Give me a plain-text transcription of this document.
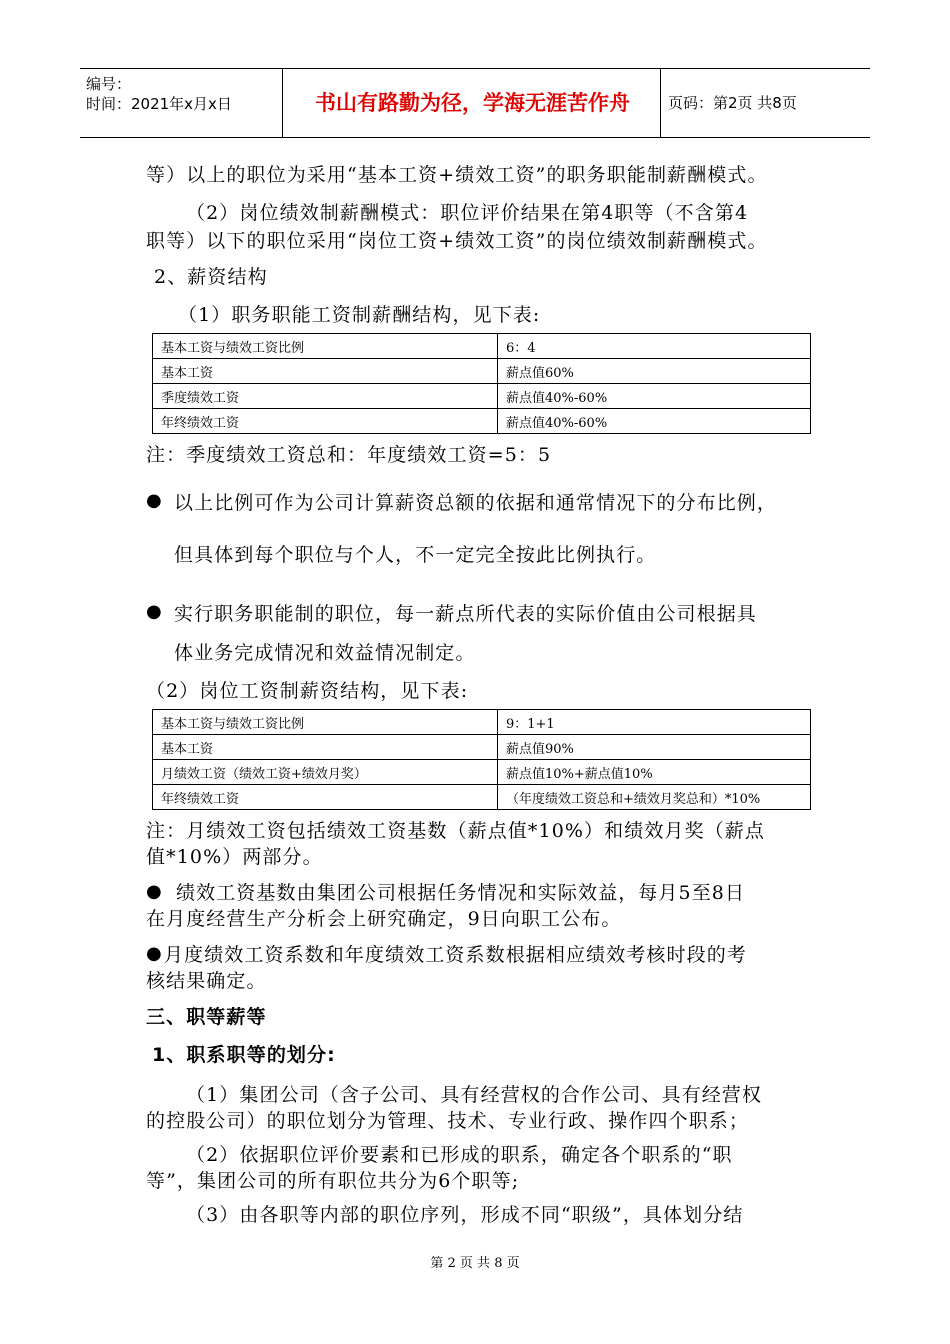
编号：
时间：2021年x月x日	书山有路勤为径，学海无涯苦作舟	页码：第2页 共8页
等）以上的职位为采用“基本工资+绩效工资”的职务职能制薪酬模式。
（2）岗位绩效制薪酬模式：职位评价结果在第4职等（不含第4
职等）以下的职位采用“岗位工资+绩效工资”的岗位绩效制薪酬模式。
2、薪资结构
（1）职务职能工资制薪酬结构，见下表:
基本工资与绩效工资比例	6：4
基本工资	薪点值60%
季度绩效工资	薪点值40%-60%
年终绩效工资	薪点值40%-60%
注：季度绩效工资总和：年度绩效工资=5：5
● 以上比例可作为公司计算薪资总额的依据和通常情况下的分布比例，
但具体到每个职位与个人，不一定完全按此比例执行。
● 实行职务职能制的职位，每一薪点所代表的实际价值由公司根据具
体业务完成情况和效益情况制定。
（2）岗位工资制薪资结构，见下表:
基本工资与绩效工资比例	9：1+1
基本工资	薪点值90%
月绩效工资（绩效工资+绩效月奖）	薪点值10%+薪点值10%
年终绩效工资	（年度绩效工资总和+绩效月奖总和）*10%
注：月绩效工资包括绩效工资基数（薪点值*10%）和绩效月奖（薪点
值*10%）两部分。
● 绩效工资基数由集团公司根据任务情况和实际效益，每月5至8日
在月度经营生产分析会上研究确定，9日向职工公布。
● 月度绩效工资系数和年度绩效工资系数根据相应绩效考核时段的考
核结果确定。
三、职等薪等
1、职系职等的划分:
（1）集团公司（含子公司、具有经营权的合作公司、具有经营权
的控股公司）的职位划分为管理、技术、专业行政、操作四个职系；
（2）依据职位评价要素和已形成的职系，确定各个职系的“职
等”，集团公司的所有职位共分为6个职等;
（3）由各职等内部的职位序列，形成不同“职级”，具体划分结
第 2 页 共 8 页
